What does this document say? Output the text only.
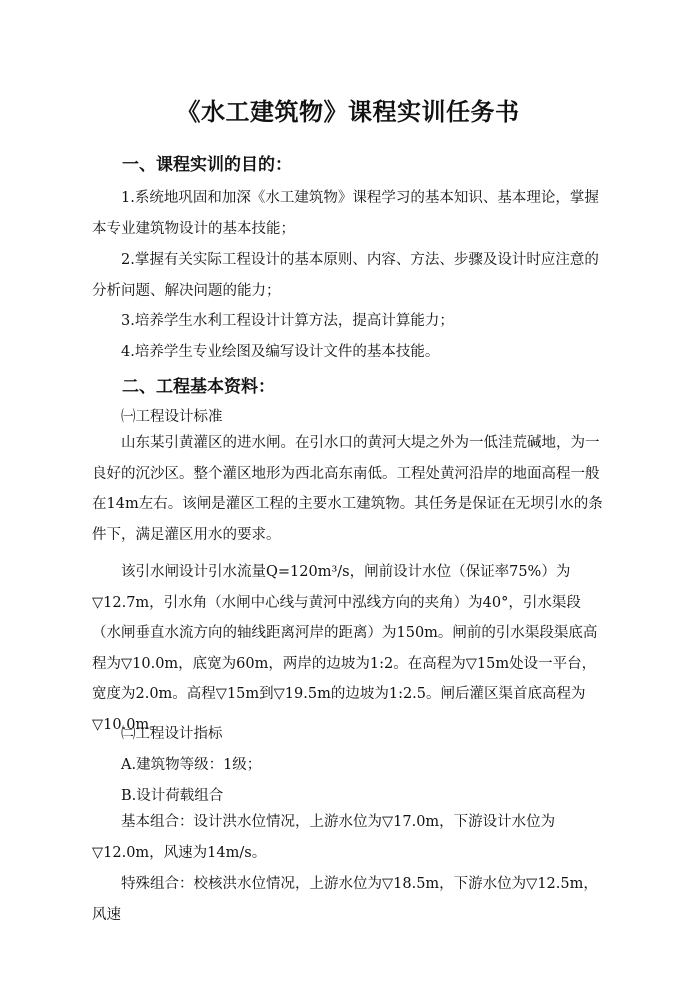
《水工建筑物》课程实训任务书
一、课程实训的目的：
1.系统地巩固和加深《水工建筑物》课程学习的基本知识、基本理论，掌握本专业建筑物设计的基本技能；
2.掌握有关实际工程设计的基本原则、内容、方法、步骤及设计时应注意的分析问题、解决问题的能力；
3.培养学生水利工程设计计算方法，提高计算能力；
4.培养学生专业绘图及编写设计文件的基本技能。
二、工程基本资料：
㈠工程设计标准
山东某引黄灌区的进水闸。在引水口的黄河大堤之外为一低洼荒碱地，为一良好的沉沙区。整个灌区地形为西北高东南低。工程处黄河沿岸的地面高程一般在14m左右。该闸是灌区工程的主要水工建筑物。其任务是保证在无坝引水的条件下，满足灌区用水的要求。
该引水闸设计引水流量Q=120m³/s，闸前设计水位（保证率75%）为▽12.7m，引水角（水闸中心线与黄河中泓线方向的夹角）为40°，引水渠段（水闸垂直水流方向的轴线距离河岸的距离）为150m。闸前的引水渠段渠底高程为▽10.0m，底宽为60m，两岸的边坡为1:2。在高程为▽15m处设一平台，宽度为2.0m。高程▽15m到▽19.5m的边坡为1:2.5。闸后灌区渠首底高程为▽10.0m。
㈡工程设计指标
A.建筑物等级：1级；
B.设计荷载组合
基本组合：设计洪水位情况，上游水位为▽17.0m，下游设计水位为▽12.0m，风速为14m/s。
特殊组合：校核洪水位情况，上游水位为▽18.5m，下游水位为▽12.5m，风速
